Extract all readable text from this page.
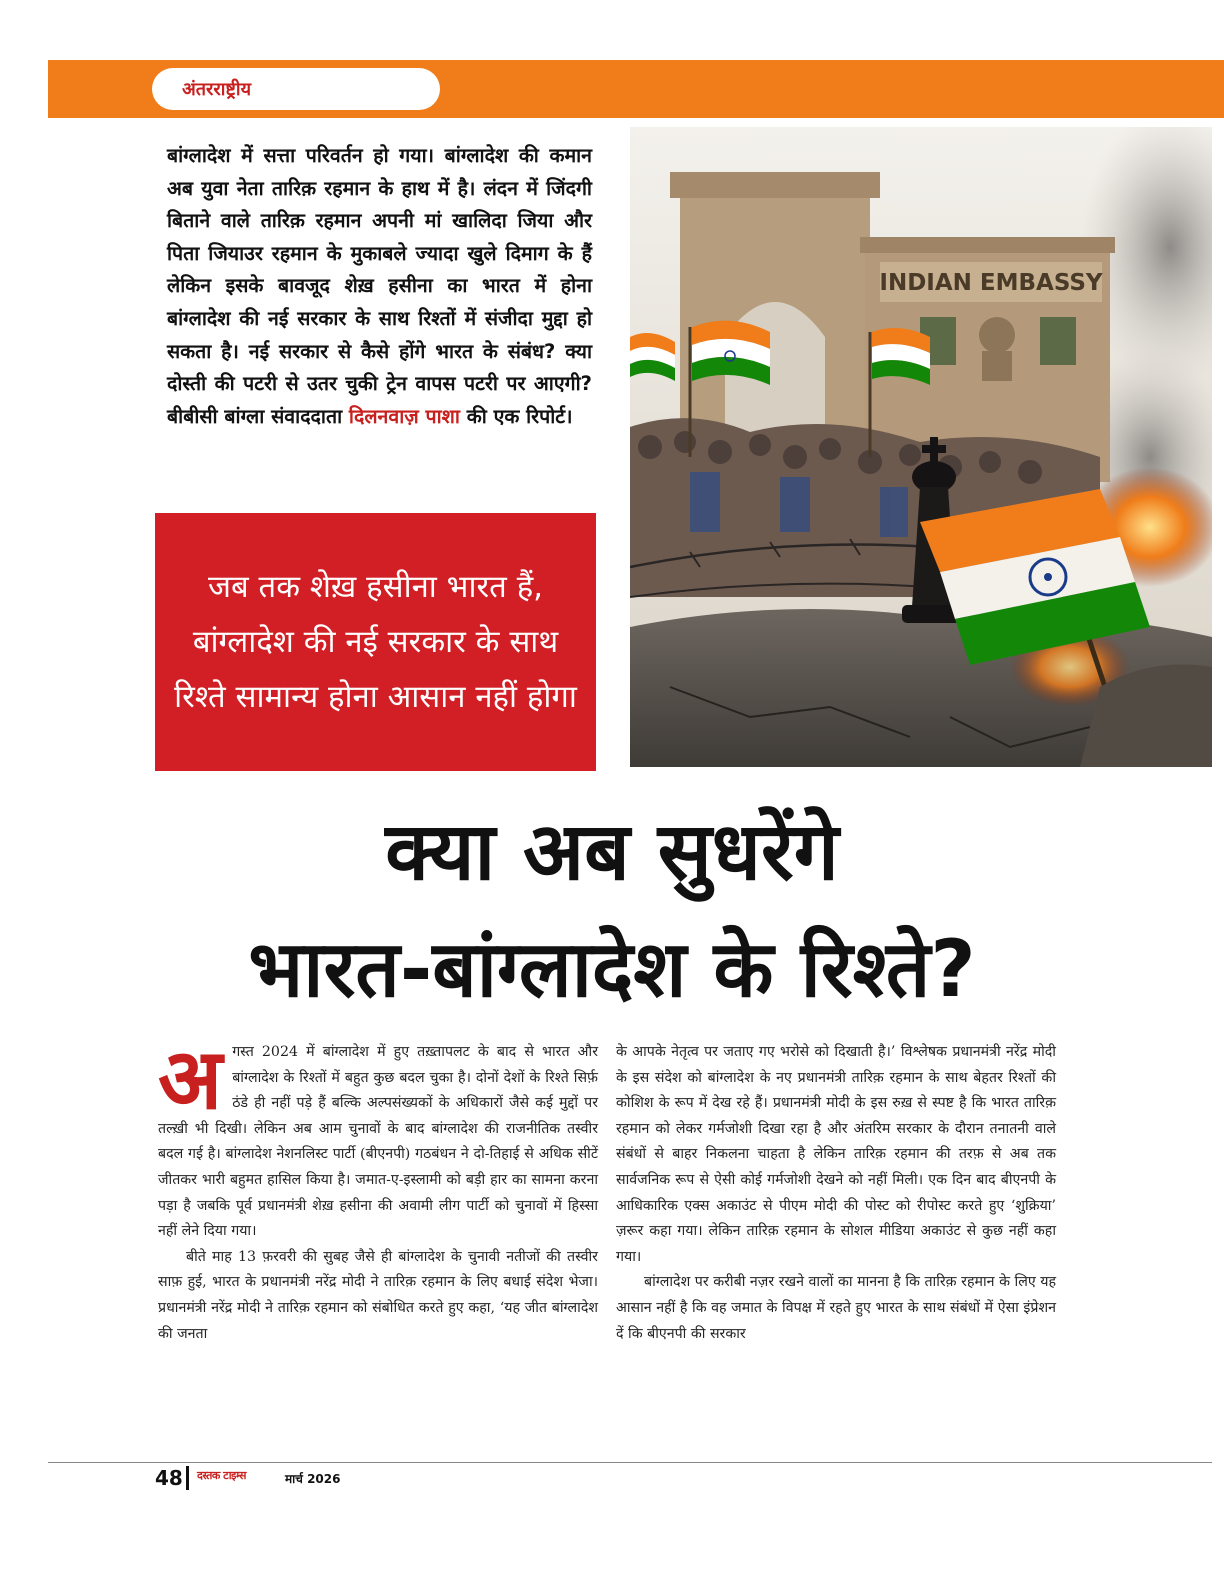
अंतरराष्ट्रीय

बांग्लादेश में सत्ता परिवर्तन हो गया। बांग्लादेश की कमान अब युवा नेता तारिक़ रहमान के हाथ में है। लंदन में जिंदगी बिताने वाले तारिक़ रहमान अपनी मां खालिदा जिया और पिता जियाउर रहमान के मुकाबले ज्यादा खुले दिमाग के हैं लेकिन इसके बावजूद शेख़ हसीना का भारत में होना बांग्लादेश की नई सरकार के साथ रिश्तों में संजीदा मुद्दा हो सकता है। नई सरकार से कैसे होंगे भारत के संबंध? क्या दोस्ती की पटरी से उतर चुकी ट्रेन वापस पटरी पर आएगी? बीबीसी बांग्ला संवाददाता दिलनवाज़ पाशा की एक रिपोर्ट।

जब तक शेख़ हसीना भारत हैं, बांग्लादेश की नई सरकार के साथ रिश्ते सामान्य होना आसान नहीं होगा

INDIAN EMBASSY
क्या अब सुधरेंगे
भारत-बांग्लादेश के रिश्ते?
अ गस्त 2024 में बांग्लादेश में हुए तख़्तापलट के बाद से भारत और बांग्लादेश के रिश्तों में बहुत कुछ बदल चुका है। दोनों देशों के रिश्ते सिर्फ़ ठंडे ही नहीं पड़े हैं बल्कि अल्पसंख्यकों के अधिकारों जैसे कई मुद्दों पर तल्ख़ी भी दिखी। लेकिन अब आम चुनावों के बाद बांग्लादेश की राजनीतिक तस्वीर बदल गई है। बांग्लादेश नेशनलिस्ट पार्टी (बीएनपी) गठबंधन ने दो-तिहाई से अधिक सीटें जीतकर भारी बहुमत हासिल किया है। जमात-ए-इस्लामी को बड़ी हार का सामना करना पड़ा है जबकि पूर्व प्रधानमंत्री शेख़ हसीना की अवामी लीग पार्टी को चुनावों में हिस्सा नहीं लेने दिया गया।

बीते माह 13 फ़रवरी की सुबह जैसे ही बांग्लादेश के चुनावी नतीजों की तस्वीर साफ़ हुई, भारत के प्रधानमंत्री नरेंद्र मोदी ने तारिक़ रहमान के लिए बधाई संदेश भेजा। प्रधानमंत्री नरेंद्र मोदी ने तारिक़ रहमान को संबोधित करते हुए कहा, ‘यह जीत बांग्लादेश की जनता

के आपके नेतृत्व पर जताए गए भरोसे को दिखाती है।’ विश्लेषक प्रधानमंत्री नरेंद्र मोदी के इस संदेश को बांग्लादेश के नए प्रधानमंत्री तारिक़ रहमान के साथ बेहतर रिश्तों की कोशिश के रूप में देख रहे हैं। प्रधानमंत्री मोदी के इस रुख़ से स्पष्ट है कि भारत तारिक़ रहमान को लेकर गर्मजोशी दिखा रहा है और अंतरिम सरकार के दौरान तनातनी वाले संबंधों से बाहर निकलना चाहता है लेकिन तारिक़ रहमान की तरफ़ से अब तक सार्वजनिक रूप से ऐसी कोई गर्मजोशी देखने को नहीं मिली। एक दिन बाद बीएनपी के आधिकारिक एक्स अकाउंट से पीएम मोदी की पोस्ट को रीपोस्ट करते हुए ‘शुक्रिया’ ज़रूर कहा गया। लेकिन तारिक़ रहमान के सोशल मीडिया अकाउंट से कुछ नहीं कहा गया।

बांग्लादेश पर करीबी नज़र रखने वालों का मानना है कि तारिक़ रहमान के लिए यह आसान नहीं है कि वह जमात के विपक्ष में रहते हुए भारत के साथ संबंधों में ऐसा इंप्रेशन दें कि बीएनपी की सरकार

48 दस्तक टाइम्स	मार्च 2026
